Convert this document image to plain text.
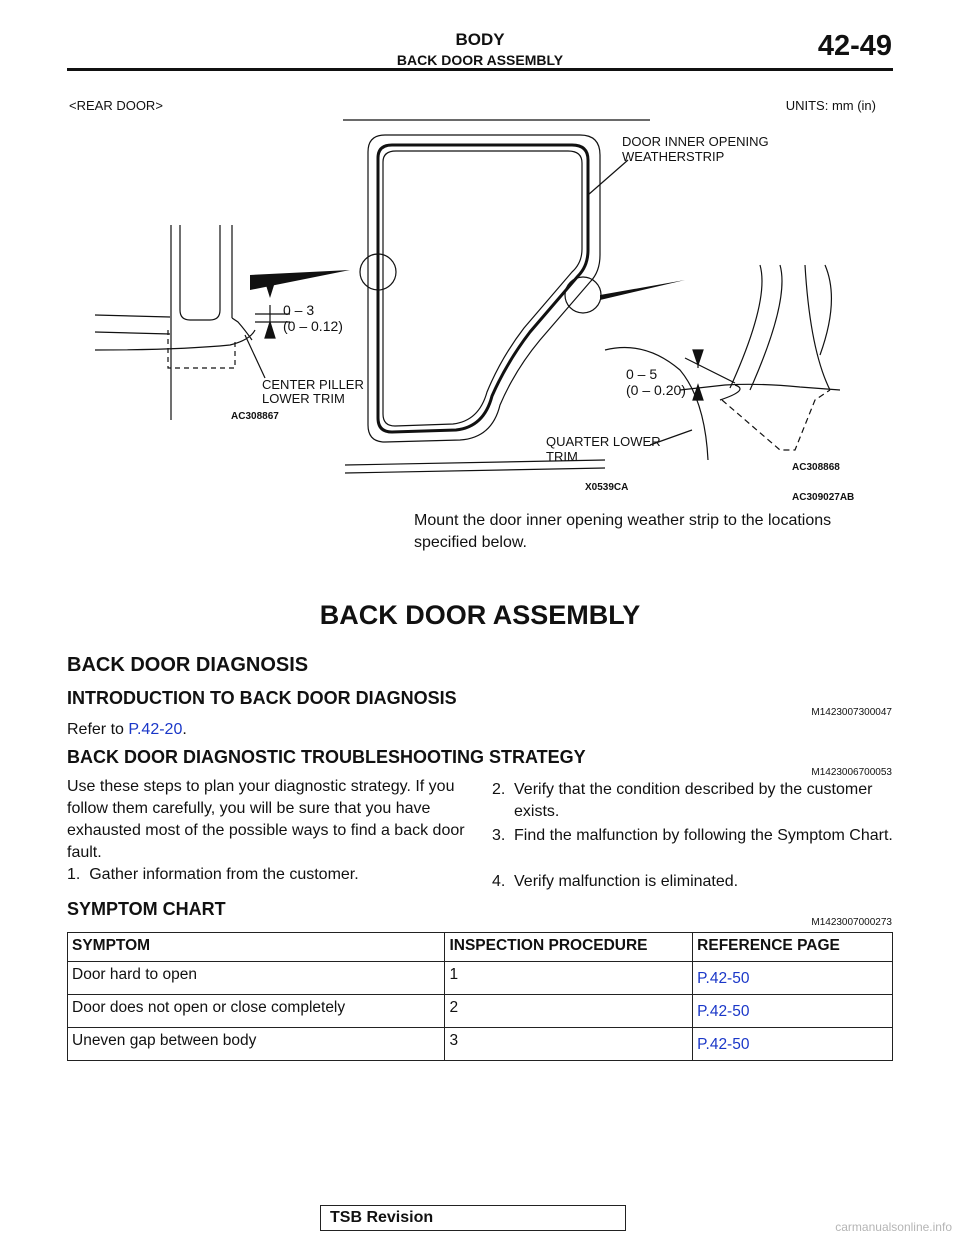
BODY
BACK DOOR ASSEMBLY	42-49
<REAR DOOR>	UNITS: mm (in)
DOOR INNER OPENING
WEATHERSTRIP
0 – 3
(0 – 0.12)
CENTER PILLER
LOWER TRIM
0 – 5
(0 – 0.20)
QUARTER LOWER
TRIM
AC308867
AC308868
X0539CA
AC309027AB
Mount the door inner opening weather strip to the locations specified below.
BACK DOOR ASSEMBLY
BACK DOOR DIAGNOSIS
INTRODUCTION TO BACK DOOR DIAGNOSIS
M1423007300047
Refer to P.42-20.
BACK DOOR DIAGNOSTIC TROUBLESHOOTING STRATEGY
M1423006700053
Use these steps to plan your diagnostic strategy. If you follow them carefully, you will be sure that you have exhausted most of the possible ways to find a back door fault.
1. Gather information from the customer.
2. Verify that the condition described by the customer exists.
3. Find the malfunction by following the Symptom Chart.
4. Verify malfunction is eliminated.
SYMPTOM CHART
M1423007000273
SYMPTOM	INSPECTION PROCEDURE	REFERENCE PAGE
Door hard to open	1	P.42-50
Door does not open or close completely	2	P.42-50
Uneven gap between body	3	P.42-50
TSB Revision
carmanualsonline.info
